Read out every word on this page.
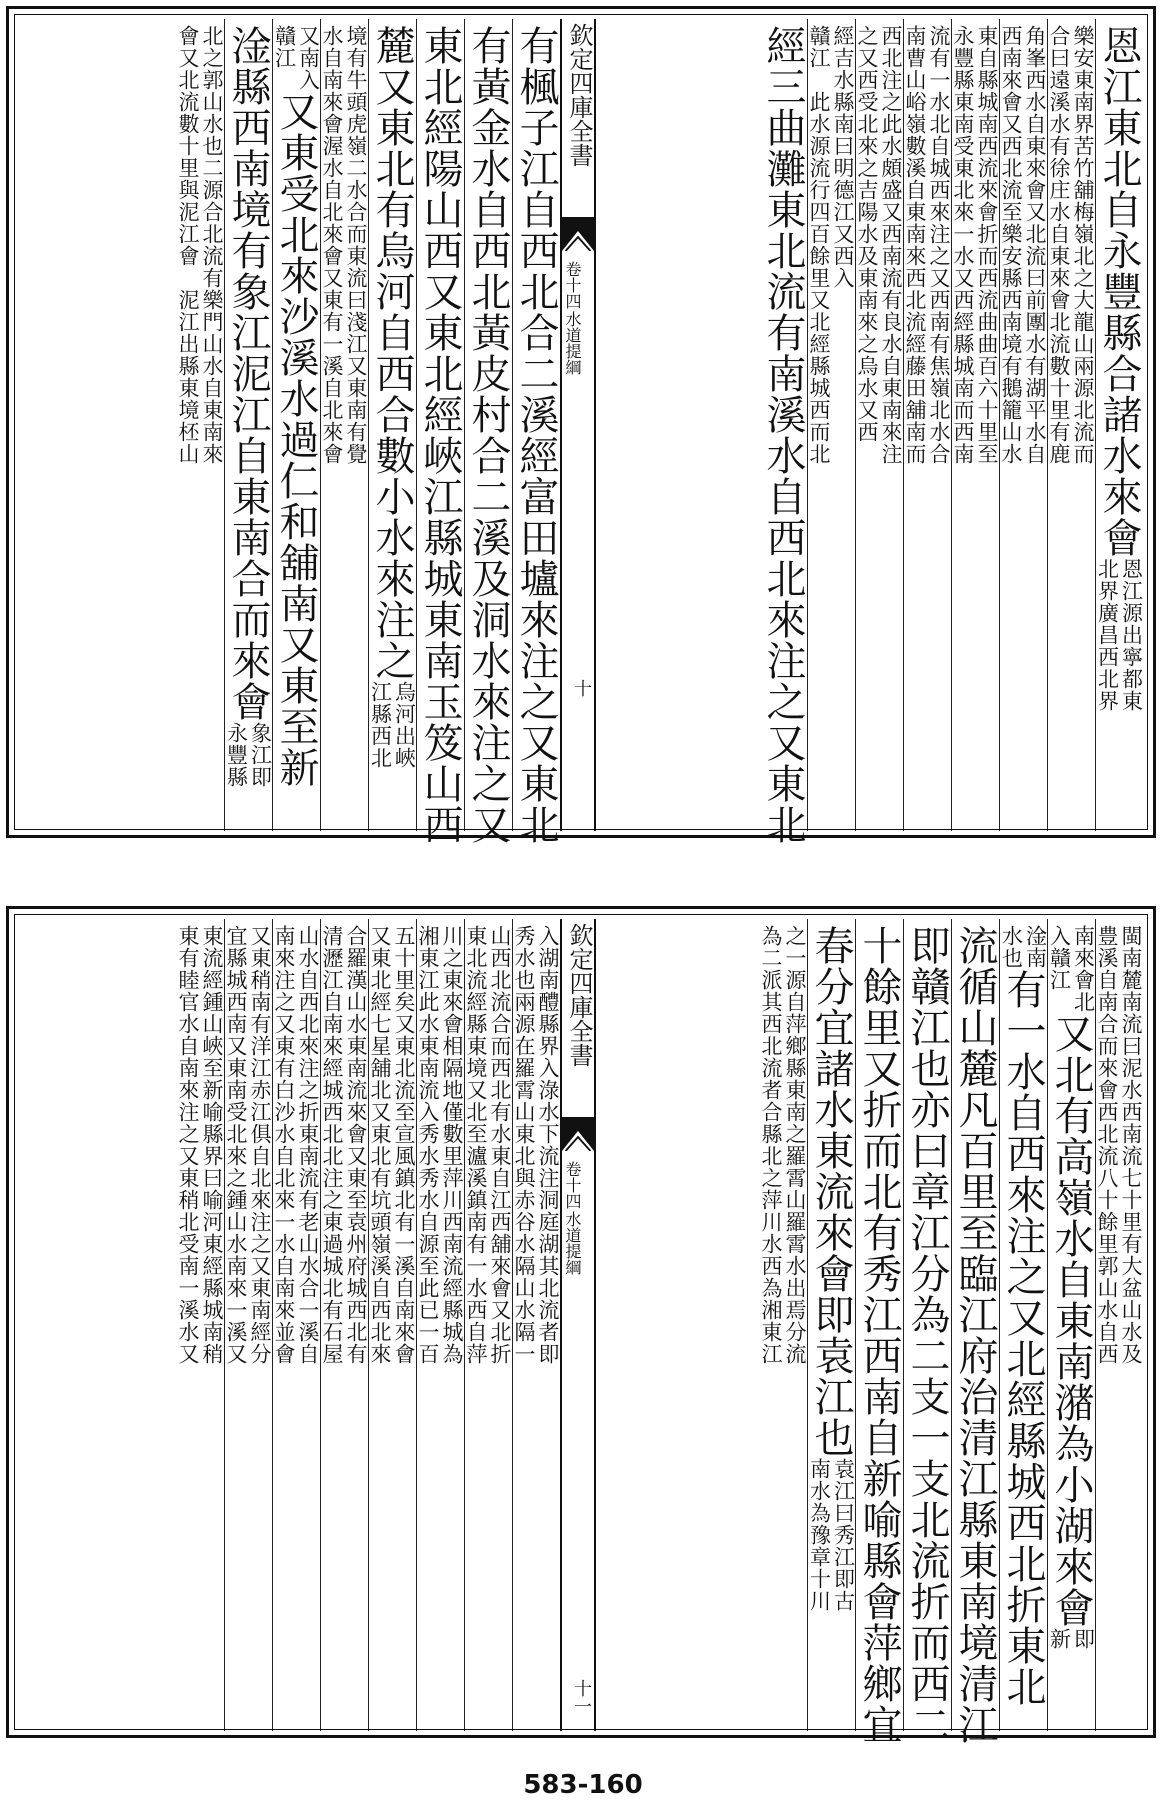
恩江東北自永豐縣合諸水來會
恩江源出寧都東
北界廣昌西北界
樂安東南界苦竹舖梅嶺北之大龍山兩源北流而
合曰遠溪水有徐庄水自東來會北流數十里有鹿
角峯西水自東來會又北流曰前團水有湖平水自
西南來會又西北流至樂安縣西南境有鵝籠山水
東自縣城南西流來會折而西流曲曲百六十里至
永豐縣東南受東北來一水又西經縣城南而西南
流有一水北自城西來注之又西南有焦嶺北水合
南曹山峪嶺數溪自東南來西北流經藤田舖南而
西北注之此水頗盛又西南流有良水自東南來注
之又西受北來之吉陽水及東南來之烏水又西
經吉水縣南曰明德江又西入
贛江　此水源流行四百餘里又北經縣城西而北
經三曲灘東北流有南溪水自西北來注之又東北
欽定四庫全書
水道提綱
卷十四
十
有楓子江自西北合二溪經富田壚來注之又東北
有黃金水自西北黃皮村合二溪及洞水來注之又
東北經陽山西又東北經峽江縣城東南玉笈山西
麓又東北有烏河自西合數小水來注之
烏河出峽
江縣西北
境有牛頭虎嶺二水合而東流曰淺江又東南有覺
水自南來會渥水自北來會又東有一溪自北來會
又南入
贛江
又東受北來沙溪水過仁和舖南又東至新
淦縣西南境有象江泥江自東南合而來會
象江即
永豐縣
北之郭山水也二源合北流有樂門山水自東南來
會又北流數十里與泥江會　泥江出縣東境柸山
閩南麓南流曰泥水西南流七十里有大盆山水及
豊溪自南合而來會西北流八十餘里郭山水自西
南來會北
入贛江
又北有高嶺水自東南潴為小湖來會
即
新
淦南
水也
有一水自西來注之又北經縣城西北折東北
流循山麓凡百里至臨江府治清江縣東南境清江
即贛江也亦曰章江分為二支一支北流折而西二
十餘里又折而北有秀江西南自新喻縣會萍鄉宜
春分宜諸水東流來會即袁江也
袁江曰秀江即古
南水為豫章十川
之一源自萍鄉縣東南之羅霄山羅霄水出焉分流
為二派其西北流者合縣北之萍川水西為湘東江
欽定四庫全書
水道提綱
卷十四
十一
入湖南醴縣界入淥水下流注洞庭湖其北流者即
秀水也兩源在羅霄山東北與赤谷水隔山水隔一
山西北流合而西北有水東自江西舖來會又北折
東北流經縣東境又北至瀘溪鎮南有一水西自萍
川之東來會相隔地僅數里萍川西南流經縣城為
湘東江此水東南流入秀水秀水自源至此已一百
五十里矣又東北流至宣風鎮北有一溪自南來會
又東北經七星舖北又東北有坑頭嶺溪自西北來
合羅漢山水東南流來會又東至袁州府城西北有
清瀝江自南來經城西北北注之東過城北有石屋
山水自西北來注之折東南流有老山水合一溪自
南來注之又東有白沙水自北來一水自南來並會
又東稍南有洋江赤江俱自北來注之又東南經分
宜縣城西南又東南受北來之鍾山水南來一溪又
東流經鍾山峽至新喻縣界曰喻河東經縣城南稍
東有睦官水自南來注之又東稍北受南一溪水又
583-160
